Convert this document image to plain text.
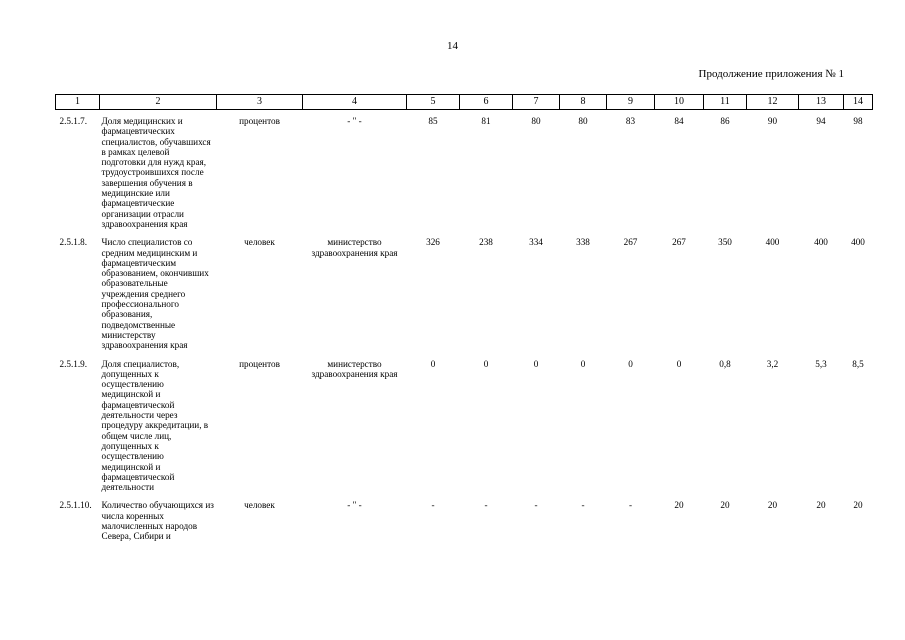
14
Продолжение приложения № 1
1	2	3	4	5	6	7	8	9	10	11	12	13	14
2.5.1.7.	Доля медицинских и фармацевтических специалистов, обучавшихся в рамках целевой подготовки для нужд края, трудоустроившихся после завершения обучения в медицинские или фармацевтические организации отрасли здравоохранения края	процентов	- " -	85	81	80	80	83	84	86	90	94	98

2.5.1.8.	Число специалистов со средним медицинским и фармацевтическим образованием, окончивших образовательные учреждения среднего профессионального образования, подведомственные министерству здравоохранения края	человек	министерство здравоохранения края	326	238	334	338	267	267	350	400	400	400

2.5.1.9.	Доля специалистов, допущенных к осуществлению медицинской и фармацевтической деятельности через процедуру аккредитации, в общем числе лиц, допущенных к осуществлению медицинской и фармацевтической деятельности	процентов	министерство здравоохранения края	0	0	0	0	0	0	0,8	3,2	5,3	8,5

2.5.1.10.	Количество обучающихся из числа коренных малочисленных народов Севера, Сибири и	человек	- " -	-	-	-	-	-	20	20	20	20	20
